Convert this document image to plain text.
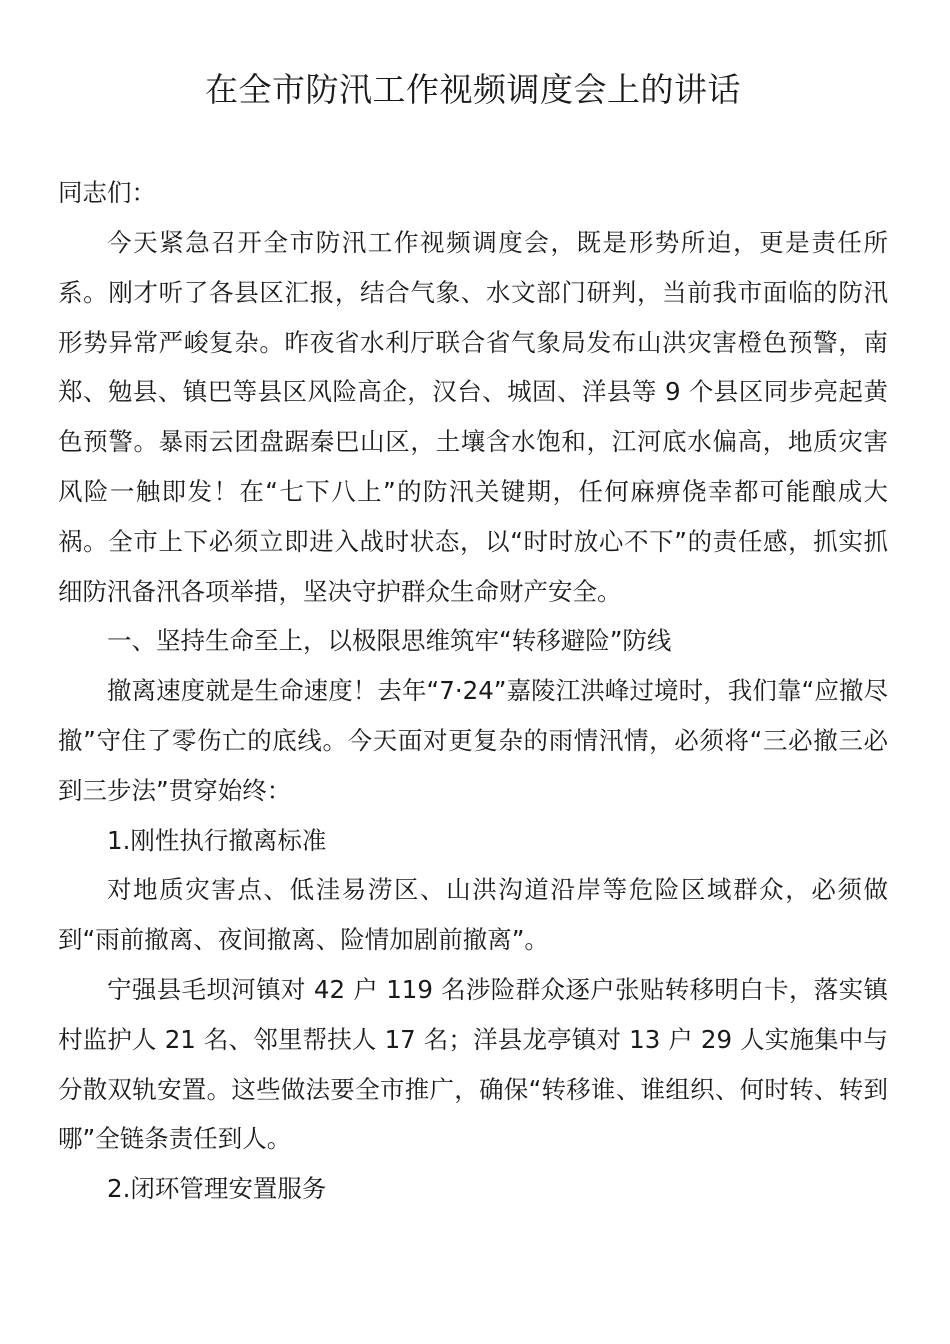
在全市防汛工作视频调度会上的讲话

同志们：

今天紧急召开全市防汛工作视频调度会，既是形势所迫，更是责任所系。刚才听了各县区汇报，结合气象、水文部门研判，当前我市面临的防汛形势异常严峻复杂。昨夜省水利厅联合省气象局发布山洪灾害橙色预警，南郑、勉县、镇巴等县区风险高企，汉台、城固、洋县等 9 个县区同步亮起黄色预警。暴雨云团盘踞秦巴山区，土壤含水饱和，江河底水偏高，地质灾害风险一触即发！在“七下八上”的防汛关键期，任何麻痹侥幸都可能酿成大祸。全市上下必须立即进入战时状态，以“时时放心不下”的责任感，抓实抓细防汛备汛各项举措，坚决守护群众生命财产安全。

一、坚持生命至上，以极限思维筑牢“转移避险”防线

撤离速度就是生命速度！去年“7·24”嘉陵江洪峰过境时，我们靠“应撤尽撤”守住了零伤亡的底线。今天面对更复杂的雨情汛情，必须将“三必撤三必到三步法”贯穿始终：

1.刚性执行撤离标准

对地质灾害点、低洼易涝区、山洪沟道沿岸等危险区域群众，必须做到“雨前撤离、夜间撤离、险情加剧前撤离”。

宁强县毛坝河镇对 42 户 119 名涉险群众逐户张贴转移明白卡，落实镇村监护人 21 名、邻里帮扶人 17 名；洋县龙亭镇对 13 户 29 人实施集中与分散双轨安置。这些做法要全市推广，确保“转移谁、谁组织、何时转、转到哪”全链条责任到人。

2.闭环管理安置服务
